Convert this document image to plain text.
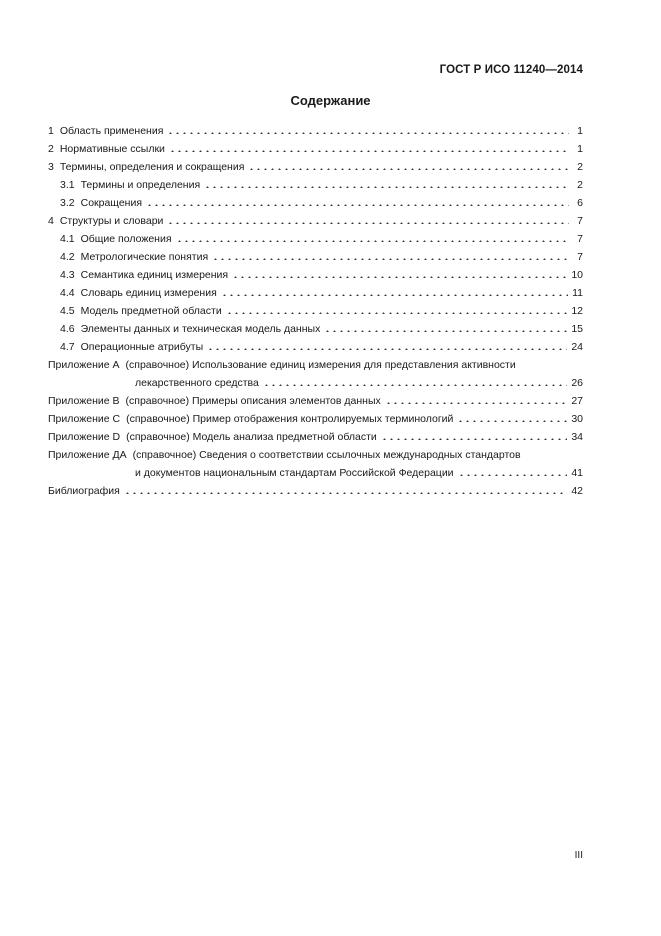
ГОСТ Р ИСО 11240—2014
Содержание
1 Область применения	1
2 Нормативные ссылки	1
3 Термины, определения и сокращения	2
3.1 Термины и определения	2
3.2 Сокращения	6
4 Структуры и словари	7
4.1 Общие положения	7
4.2 Метрологические понятия	7
4.3 Семантика единиц измерения	10
4.4 Словарь единиц измерения	11
4.5 Модель предметной области	12
4.6 Элементы данных и техническая модель данных	15
4.7 Операционные атрибуты	24
Приложение А (справочное) Использование единиц измерения для представления активности
лекарственного средства	26
Приложение В (справочное) Примеры описания элементов данных	27
Приложение С (справочное) Пример отображения контролируемых терминологий	30
Приложение D (справочное) Модель анализа предметной области	34
Приложение ДА (справочное) Сведения о соответствии ссылочных международных стандартов
и документов национальным стандартам Российской Федерации	41
Библиография	42
III
